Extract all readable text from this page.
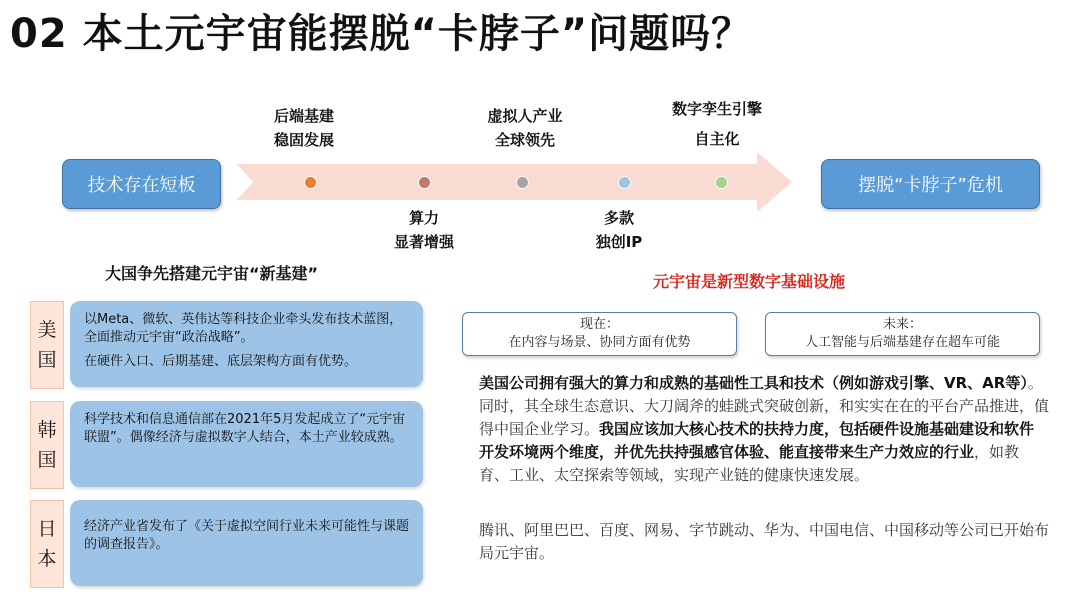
02 本土元宇宙能摆脱“卡脖子”问题吗？
技术存在短板	摆脱“卡脖子”危机
后端基建
稳固发展
虚拟人产业
全球领先
数字孪生引擎
自主化
算力
显著增强
多款
独创IP
大国争先搭建元宇宙“新基建”
美
国

以Meta、微软、英伟达等科技企业牵头发布技术蓝图，全面推动元宇宙“政治战略”。

在硬件入口、后期基建、底层架构方面有优势。

韩
国

科学技术和信息通信部在2021年5月发起成立了“元宇宙联盟”。偶像经济与虚拟数字人结合，本土产业较成熟。

日
本

经济产业省发布了《关于虚拟空间行业未来可能性与课题的调查报告》。

元宇宙是新型数字基础设施
现在：
在内容与场景、协同方面有优势
未来：
人工智能与后端基建存在超车可能
美国公司拥有强大的算力和成熟的基础性工具和技术（例如游戏引擎、VR、AR等）。同时，其全球生态意识、大刀阔斧的蛙跳式突破创新，和实实在在的平台产品推进，值得中国企业学习。我国应该加大核心技术的扶持力度，包括硬件设施基础建设和软件开发环境两个维度，并优先扶持强感官体验、能直接带来生产力效应的行业，如教育、工业、太空探索等领域，实现产业链的健康快速发展。
腾讯、阿里巴巴、百度、网易、字节跳动、华为、中国电信、中国移动等公司已开始布局元宇宙。
